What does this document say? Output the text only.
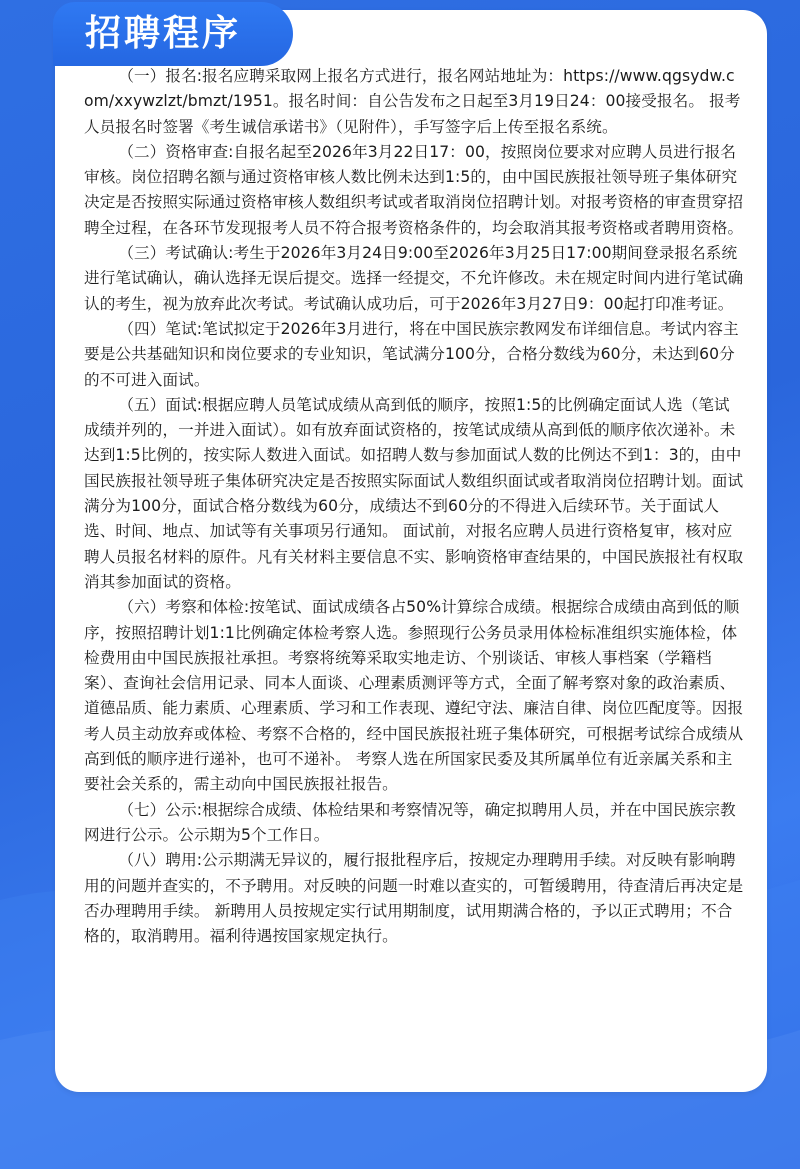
招聘程序

（一）报名:报名应聘采取网上报名方式进行，报名网站地址为：https://www.qgsydw.com/xxywzlzt/bmzt/1951。报名时间：自公告发布之日起至3月19日24：00接受报名。 报考人员报名时签署《考生诚信承诺书》（见附件），手写签字后上传至报名系统。

（二）资格审查:自报名起至2026年3月22日17：00，按照岗位要求对应聘人员进行报名审核。岗位招聘名额与通过资格审核人数比例未达到1:5的，由中国民族报社领导班子集体研究决定是否按照实际通过资格审核人数组织考试或者取消岗位招聘计划。对报考资格的审查贯穿招聘全过程，在各环节发现报考人员不符合报考资格条件的，均会取消其报考资格或者聘用资格。

（三）考试确认:考生于2026年3月24日9:00至2026年3月25日17:00期间登录报名系统进行笔试确认，确认选择无误后提交。选择一经提交，不允许修改。未在规定时间内进行笔试确认的考生，视为放弃此次考试。考试确认成功后，可于2026年3月27日9：00起打印准考证。

（四）笔试:笔试拟定于2026年3月进行，将在中国民族宗教网发布详细信息。考试内容主要是公共基础知识和岗位要求的专业知识，笔试满分100分，合格分数线为60分，未达到60分的不可进入面试。

（五）面试:根据应聘人员笔试成绩从高到低的顺序，按照1:5的比例确定面试人选（笔试成绩并列的，一并进入面试）。如有放弃面试资格的，按笔试成绩从高到低的顺序依次递补。未达到1:5比例的，按实际人数进入面试。如招聘人数与参加面试人数的比例达不到1：3的，由中国民族报社领导班子集体研究决定是否按照实际面试人数组织面试或者取消岗位招聘计划。面试满分为100分，面试合格分数线为60分，成绩达不到60分的不得进入后续环节。关于面试人选、时间、地点、加试等有关事项另行通知。 面试前，对报名应聘人员进行资格复审，核对应聘人员报名材料的原件。凡有关材料主要信息不实、影响资格审查结果的，中国民族报社有权取消其参加面试的资格。

（六）考察和体检:按笔试、面试成绩各占50%计算综合成绩。根据综合成绩由高到低的顺序，按照招聘计划1:1比例确定体检考察人选。参照现行公务员录用体检标准组织实施体检，体检费用由中国民族报社承担。考察将统筹采取实地走访、个别谈话、审核人事档案（学籍档案）、查询社会信用记录、同本人面谈、心理素质测评等方式，全面了解考察对象的政治素质、道德品质、能力素质、心理素质、学习和工作表现、遵纪守法、廉洁自律、岗位匹配度等。因报考人员主动放弃或体检、考察不合格的，经中国民族报社班子集体研究，可根据考试综合成绩从高到低的顺序进行递补，也可不递补。 考察人选在所国家民委及其所属单位有近亲属关系和主要社会关系的，需主动向中国民族报社报告。

（七）公示:根据综合成绩、体检结果和考察情况等，确定拟聘用人员，并在中国民族宗教网进行公示。公示期为5个工作日。

（八）聘用:公示期满无异议的，履行报批程序后，按规定办理聘用手续。对反映有影响聘用的问题并查实的，不予聘用。对反映的问题一时难以查实的，可暂缓聘用，待查清后再决定是否办理聘用手续。 新聘用人员按规定实行试用期制度，试用期满合格的，予以正式聘用；不合格的，取消聘用。福利待遇按国家规定执行。
